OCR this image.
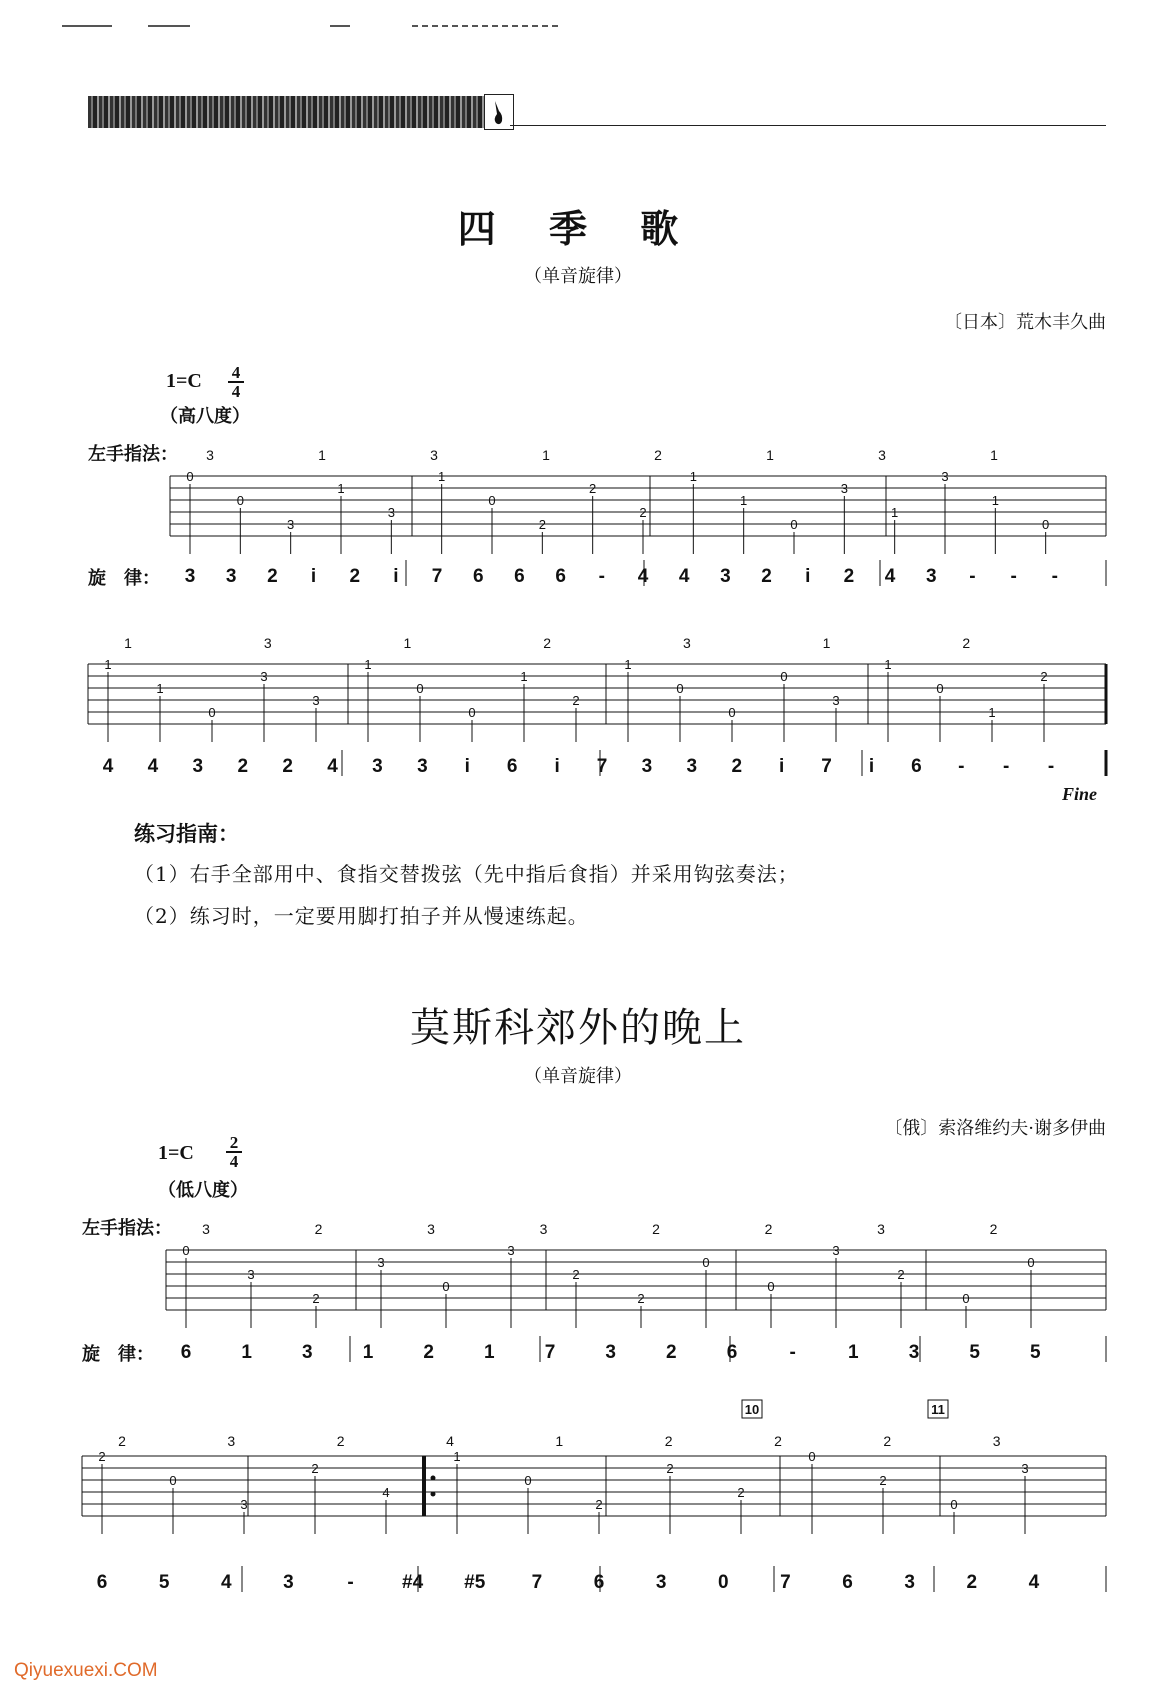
四 季 歌
（单音旋律）
〔日本〕荒木丰久曲
1=C 4
4
（高八度）
左手指法：
旋　律：
3	1	3	1	2	1	3	1
0
0
3
1
3
1
0
2
2
2
1
1
0
3
1
3
1
0
3 3 2 i 2 i 7 6 6 6 - 4 4 3 2 i 2 4 3 - - -
1	3	1	2	3	1	2
1
1
0
3
3
1
0
0
1
2
1
0
0
0
3
1
0
1
2
4 4 3 2 2 4 3 3 i 6 i 7 3 3 2 i 7 i 6 - - -
3	2	3	3	2	2	3	2
0
3
2
3
0
3
2
2
0
0
3
2
0
0
6	1	3	1	2	1	7	3	2	6	-	1	3	5	5
2	3	2	4	1	2	2	2	3
2
0
3
2
4
1
0
2
2
2
0
2
0
3
6	5	4	3	-	#4 #5 7	6	3	0	7	6	3	2	4
10	11
Fine
练习指南：
（1）右手全部用中、食指交替拨弦（先中指后食指）并采用钩弦奏法；
（2）练习时，一定要用脚打拍子并从慢速练起。
莫斯科郊外的晚上
（单音旋律）
〔俄〕索洛维约夫·谢多伊曲
1=C 2
4
（低八度）
左手指法：
旋　律：
Qiyuexuexi.COM
